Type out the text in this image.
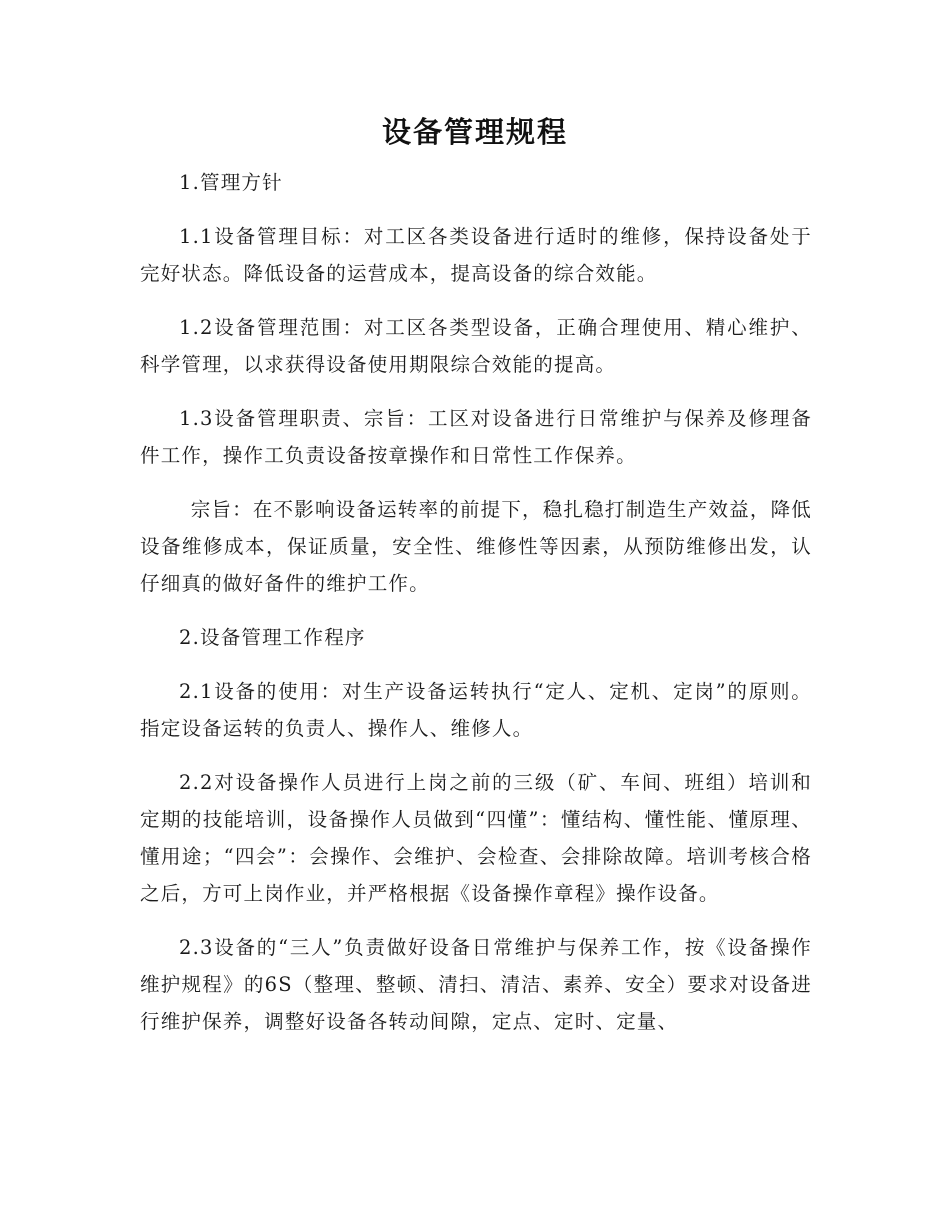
设备管理规程

1.管理方针

1.1设备管理目标：对工区各类设备进行适时的维修，保持设备处于完好状态。降低设备的运营成本，提高设备的综合效能。

1.2设备管理范围：对工区各类型设备，正确合理使用、精心维护、科学管理，以求获得设备使用期限综合效能的提高。

1.3设备管理职责、宗旨：工区对设备进行日常维护与保养及修理备件工作，操作工负责设备按章操作和日常性工作保养。

宗旨：在不影响设备运转率的前提下，稳扎稳打制造生产效益，降低设备维修成本，保证质量，安全性、维修性等因素，从预防维修出发，认仔细真的做好备件的维护工作。

2.设备管理工作程序

2.1设备的使用：对生产设备运转执行“定人、定机、定岗”的原则。指定设备运转的负责人、操作人、维修人。

2.2对设备操作人员进行上岗之前的三级（矿、车间、班组）培训和定期的技能培训，设备操作人员做到“四懂”：懂结构、懂性能、懂原理、懂用途；“四会”：会操作、会维护、会检查、会排除故障。培训考核合格之后，方可上岗作业，并严格根据《设备操作章程》操作设备。

2.3设备的“三人”负责做好设备日常维护与保养工作，按《设备操作维护规程》的6S（整理、整顿、清扫、清洁、素养、安全）要求对设备进行维护保养，调整好设备各转动间隙，定点、定时、定量、
